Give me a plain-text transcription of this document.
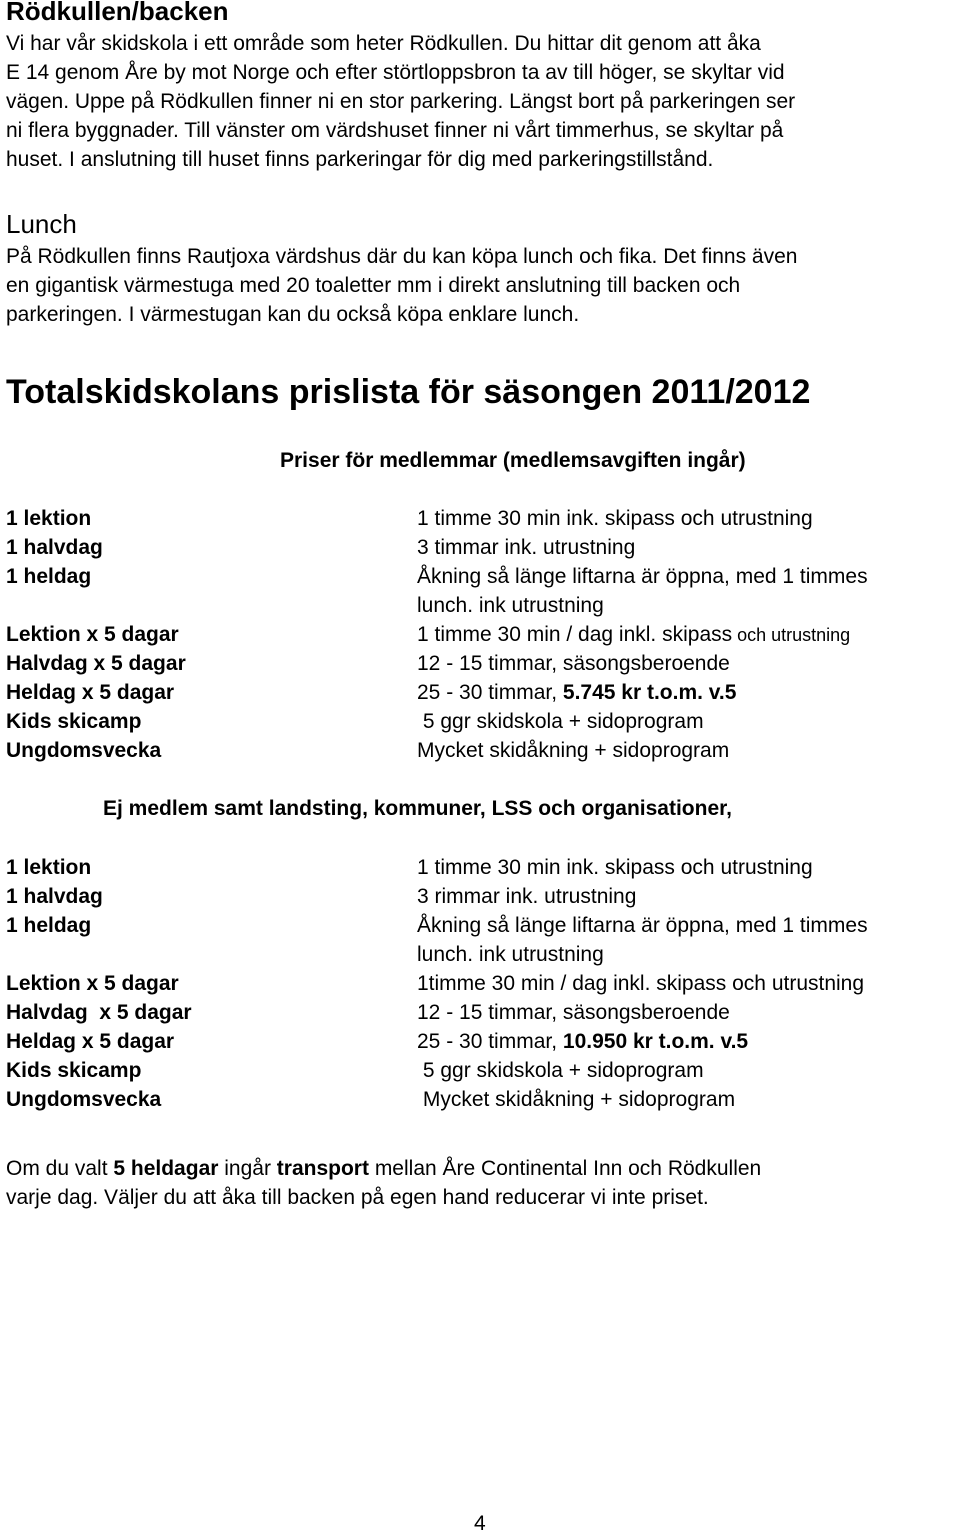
Rödkullen/backen
Vi har vår skidskola i ett område som heter Rödkullen. Du hittar dit genom att åka
E 14 genom Åre by mot Norge och efter störtloppsbron ta av till höger, se skyltar vid
vägen. Uppe på Rödkullen finner ni en stor parkering. Längst bort på parkeringen ser
ni flera byggnader. Till vänster om värdshuset finner ni vårt timmerhus, se skyltar på
huset. I anslutning till huset finns parkeringar för dig med parkeringstillstånd.
Lunch
På Rödkullen finns Rautjoxa värdshus där du kan köpa lunch och fika. Det finns även
en gigantisk värmestuga med 20 toaletter mm i direkt anslutning till backen och
parkeringen. I värmestugan kan du också köpa enklare lunch.
Totalskidskolans prislista för säsongen 2011/2012
Priser för medlemmar (medlemsavgiften ingår)
1 lektion	1 timme 30 min ink. skipass och utrustning
1 halvdag	3 timmar ink. utrustning
1 heldag	Åkning så länge liftarna är öppna, med 1 timmes
lunch. ink utrustning
Lektion x 5 dagar	1 timme 30 min / dag inkl. skipass och utrustning
Halvdag x 5 dagar	12 - 15 timmar, säsongsberoende
Heldag x 5 dagar	25 - 30 timmar, 5.745 kr t.o.m. v.5
Kids skicamp	5 ggr skidskola + sidoprogram
Ungdomsvecka	Mycket skidåkning + sidoprogram
Ej medlem samt landsting, kommuner, LSS och organisationer,
1 lektion	1 timme 30 min ink. skipass och utrustning
1 halvdag	3 rimmar ink. utrustning
1 heldag	Åkning så länge liftarna är öppna, med 1 timmes
lunch. ink utrustning
Lektion x 5 dagar	1timme 30 min / dag inkl. skipass och utrustning
Halvdag  x 5 dagar	12 - 15 timmar, säsongsberoende
Heldag x 5 dagar	25 - 30 timmar, 10.950 kr t.o.m. v.5
Kids skicamp	5 ggr skidskola + sidoprogram
Ungdomsvecka	Mycket skidåkning + sidoprogram
Om du valt 5 heldagar ingår transport mellan Åre Continental Inn och Rödkullen
varje dag. Väljer du att åka till backen på egen hand reducerar vi inte priset.
4
